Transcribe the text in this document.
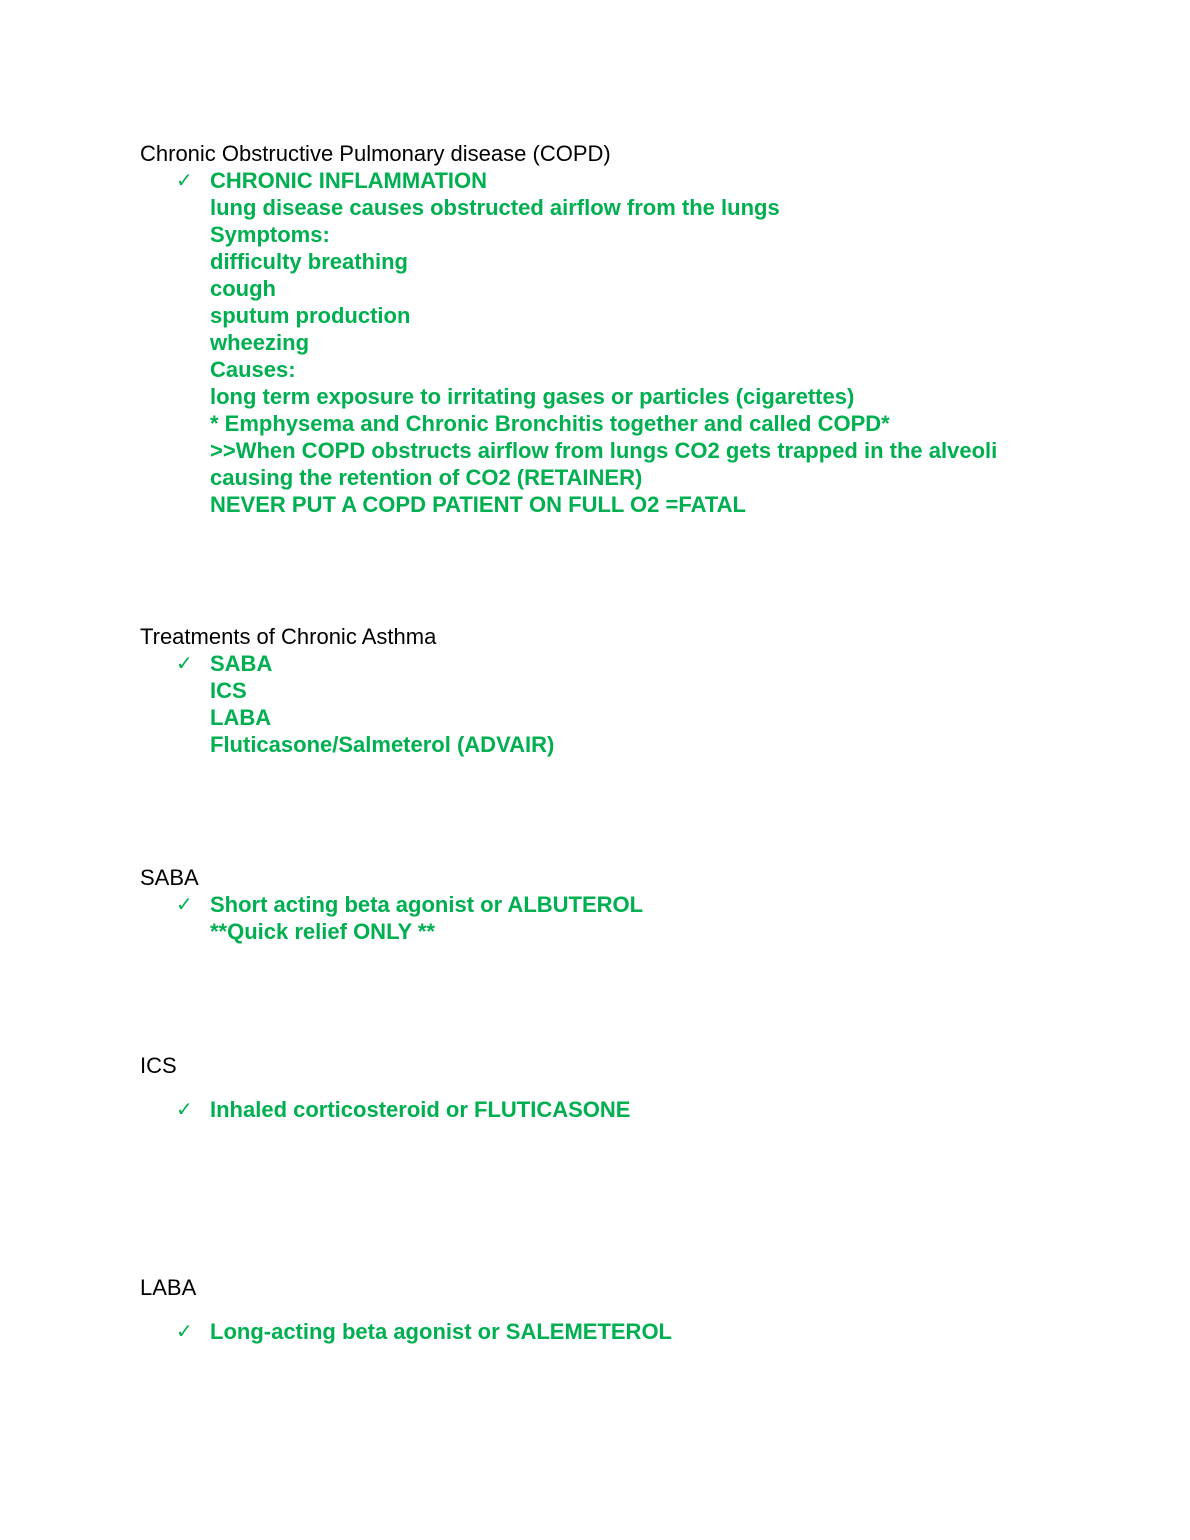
Chronic Obstructive Pulmonary disease (COPD)
✓ CHRONIC INFLAMMATION
lung disease causes obstructed airflow from the lungs
Symptoms:
difficulty breathing
cough
sputum production
wheezing
Causes:
long term exposure to irritating gases or particles (cigarettes)
* Emphysema and Chronic Bronchitis together and called COPD*
>>When COPD obstructs airflow from lungs CO2 gets trapped in the alveoli
causing the retention of CO2 (RETAINER)
NEVER PUT A COPD PATIENT ON FULL O2 =FATAL
Treatments of Chronic Asthma
✓ SABA
ICS
LABA
Fluticasone/Salmeterol (ADVAIR)
SABA
✓ Short acting beta agonist or ALBUTEROL
**Quick relief ONLY **
ICS
✓ Inhaled corticosteroid or FLUTICASONE
LABA
✓ Long-acting beta agonist or SALEMETEROL
